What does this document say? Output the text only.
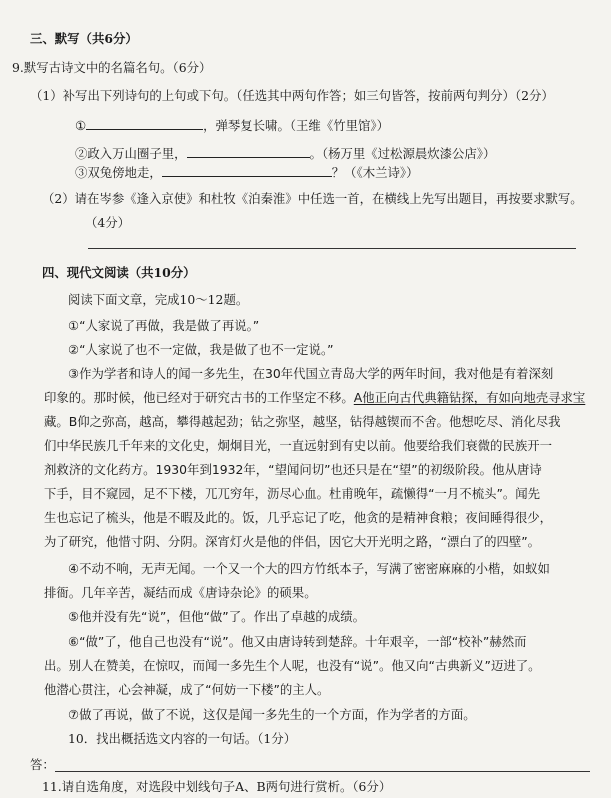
三、默写（共6分）
9.默写古诗文中的名篇名句。（6分）
（1）补写出下列诗句的上句或下句。（任选其中两句作答；如三句皆答，按前两句判分）（2分）
①	，弹琴复长啸。（王维《竹里馆》）
②政入万山圈子里，	。（杨万里《过松源晨炊漆公店》）
③双兔傍地走，	？（《木兰诗》）
（2）请在岑参《逢入京使》和杜牧《泊秦淮》中任选一首，在横线上先写出题目，再按要求默写。
（4分）
四、现代文阅读（共10分）
阅读下面文章，完成10～12题。
①“人家说了再做，我是做了再说。”
②“人家说了也不一定做，我是做了也不一定说。”
③作为学者和诗人的闻一多先生，在30年代国立青岛大学的两年时间，我对他是有着深刻
印象的。那时候，他已经对于研究古书的工作坚定不移。A他正向古代典籍钻探，有如向地壳寻求宝
藏。B仰之弥高，越高，攀得越起劲；钻之弥坚，越坚，钻得越锲而不舍。他想吃尽、消化尽我
们中华民族几千年来的文化史，炯炯目光，一直远射到有史以前。他要给我们衰微的民族开一
剂救济的文化药方。1930年到1932年，“望闻问切”也还只是在“望”的初级阶段。他从唐诗
下手，目不窥园，足不下楼，兀兀穷年，沥尽心血。杜甫晚年，疏懒得“一月不梳头”。闻先
生也忘记了梳头，他是不暇及此的。饭，几乎忘记了吃，他贪的是精神食粮；夜间睡得很少，
为了研究，他惜寸阴、分阴。深宵灯火是他的伴侣，因它大开光明之路，“漂白了的四壁”。
④不动不响，无声无闻。一个又一个大的四方竹纸本子，写满了密密麻麻的小楷，如蚁如
排衙。几年辛苦，凝结而成《唐诗杂论》的硕果。
⑤他并没有先“说”，但他“做”了。作出了卓越的成绩。
⑥“做”了，他自己也没有“说”。他又由唐诗转到楚辞。十年艰辛，一部“校补”赫然而
出。别人在赞美，在惊叹，而闻一多先生个人呢，也没有“说”。他又向“古典新义”迈进了。
他潜心贯注，心会神凝，成了“何妨一下楼”的主人。
⑦做了再说，做了不说，这仅是闻一多先生的一个方面，作为学者的方面。
10．找出概括选文内容的一句话。（1分）
答：
11.请自选角度，对选段中划线句子A、B两句进行赏析。（6分）
